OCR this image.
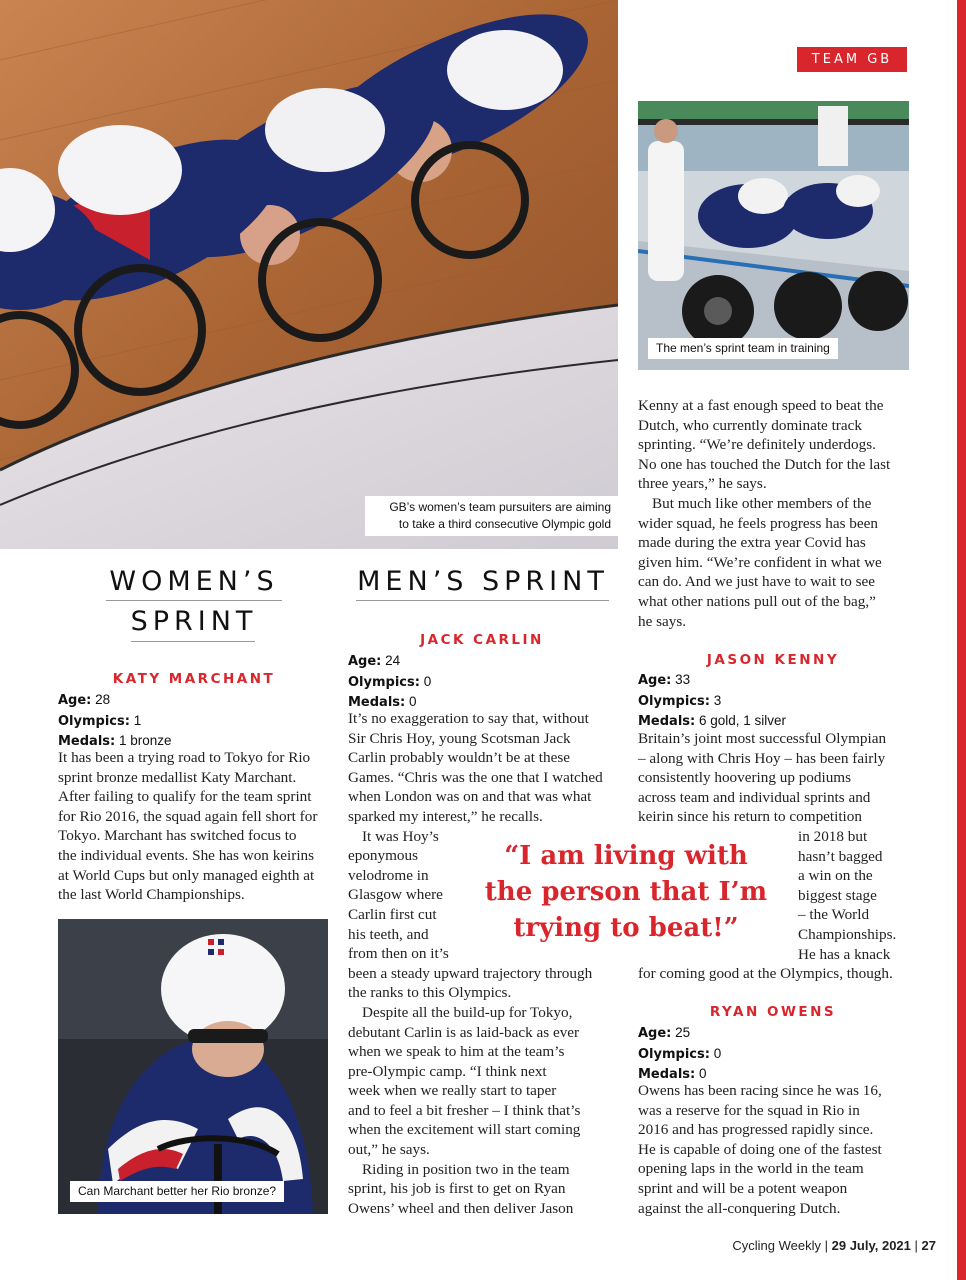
GB’s women’s team pursuiters are aiming
to take a third consecutive Olympic gold
TEAM GB
The men’s sprint team in training
WOMEN’S
SPRINT
KATY MARCHANT
Age: 28
Olympics: 1
Medals: 1 bronze
It has been a trying road to Tokyo for Rio
sprint bronze medallist Katy Marchant.
After failing to qualify for the team sprint
for Rio 2016, the squad again fell short for
Tokyo. Marchant has switched focus to
the individual events. She has won keirins
at World Cups but only managed eighth at
the last World Championships.
Can Marchant better her Rio bronze?
MEN’S SPRINT
JACK CARLIN
Age: 24
Olympics: 0
Medals: 0
It’s no exaggeration to say that, without
Sir Chris Hoy, young Scotsman Jack
Carlin probably wouldn’t be at these
Games. “Chris was the one that I watched
when London was on and that was what
sparked my interest,” he recalls.
It was Hoy’s
eponymous
velodrome in
Glasgow where
Carlin first cut
his teeth, and
from then on it’s
been a steady upward trajectory through
the ranks to this Olympics.
Despite all the build-up for Tokyo,
debutant Carlin is as laid-back as ever
when we speak to him at the team’s
pre-Olympic camp. “I think next
week when we really start to taper
and to feel a bit fresher – I think that’s
when the excitement will start coming
out,” he says.
Riding in position two in the team
sprint, his job is first to get on Ryan
Owens’ wheel and then deliver Jason
“I am living with
the person that I’m
trying to beat!”
Kenny at a fast enough speed to beat the
Dutch, who currently dominate track
sprinting. “We’re definitely underdogs.
No one has touched the Dutch for the last
three years,” he says.
But much like other members of the
wider squad, he feels progress has been
made during the extra year Covid has
given him. “We’re confident in what we
can do. And we just have to wait to see
what other nations pull out of the bag,”
he says.
JASON KENNY
Age: 33
Olympics: 3
Medals: 6 gold, 1 silver
Britain’s joint most successful Olympian
– along with Chris Hoy – has been fairly
consistently hoovering up podiums
across team and individual sprints and
keirin since his return to competition
in 2018 but
hasn’t bagged
a win on the
biggest stage
– the World
Championships.
He has a knack
for coming good at the Olympics, though.
RYAN OWENS
Age: 25
Olympics: 0
Medals: 0
Owens has been racing since he was 16,
was a reserve for the squad in Rio in
2016 and has progressed rapidly since.
He is capable of doing one of the fastest
opening laps in the world in the team
sprint and will be a potent weapon
against the all-conquering Dutch.
Cycling Weekly | 29 July, 2021 | 27
